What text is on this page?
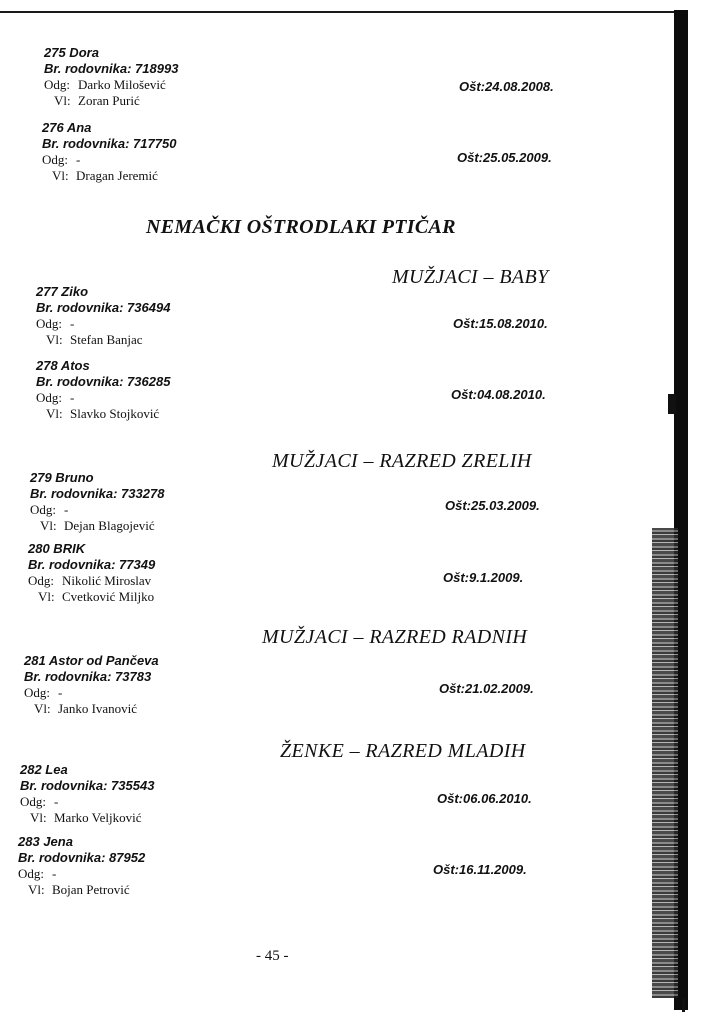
275 Dora
Br. rodovnika: 718993
Odg: Darko Milošević
Vl: Zoran Purić
Ošt:24.08.2008.
276 Ana
Br. rodovnika: 717750
Odg: -
Vl: Dragan Jeremić
Ošt:25.05.2009.
NEMAČKI OŠTRODLAKI PTIČAR
MUŽJACI – BABY
277 Ziko
Br. rodovnika: 736494
Odg: -
Vl: Stefan Banjac
Ošt:15.08.2010.
278 Atos
Br. rodovnika: 736285
Odg: -
Vl: Slavko Stojković
Ošt:04.08.2010.
MUŽJACI – RAZRED ZRELIH
279 Bruno
Br. rodovnika: 733278
Odg: -
Vl: Dejan Blagojević
Ošt:25.03.2009.
280 BRIK
Br. rodovnika: 77349
Odg: Nikolić Miroslav
Vl: Cvetković Miljko
Ošt:9.1.2009.
MUŽJACI – RAZRED RADNIH
281 Astor od Pančeva
Br. rodovnika: 73783
Odg: -
Vl: Janko Ivanović
Ošt:21.02.2009.
ŽENKE – RAZRED MLADIH
282 Lea
Br. rodovnika: 735543
Odg: -
Vl: Marko Veljković
Ošt:06.06.2010.
283 Jena
Br. rodovnika: 87952
Odg: -
Vl: Bojan Petrović
Ošt:16.11.2009.
- 45 -
